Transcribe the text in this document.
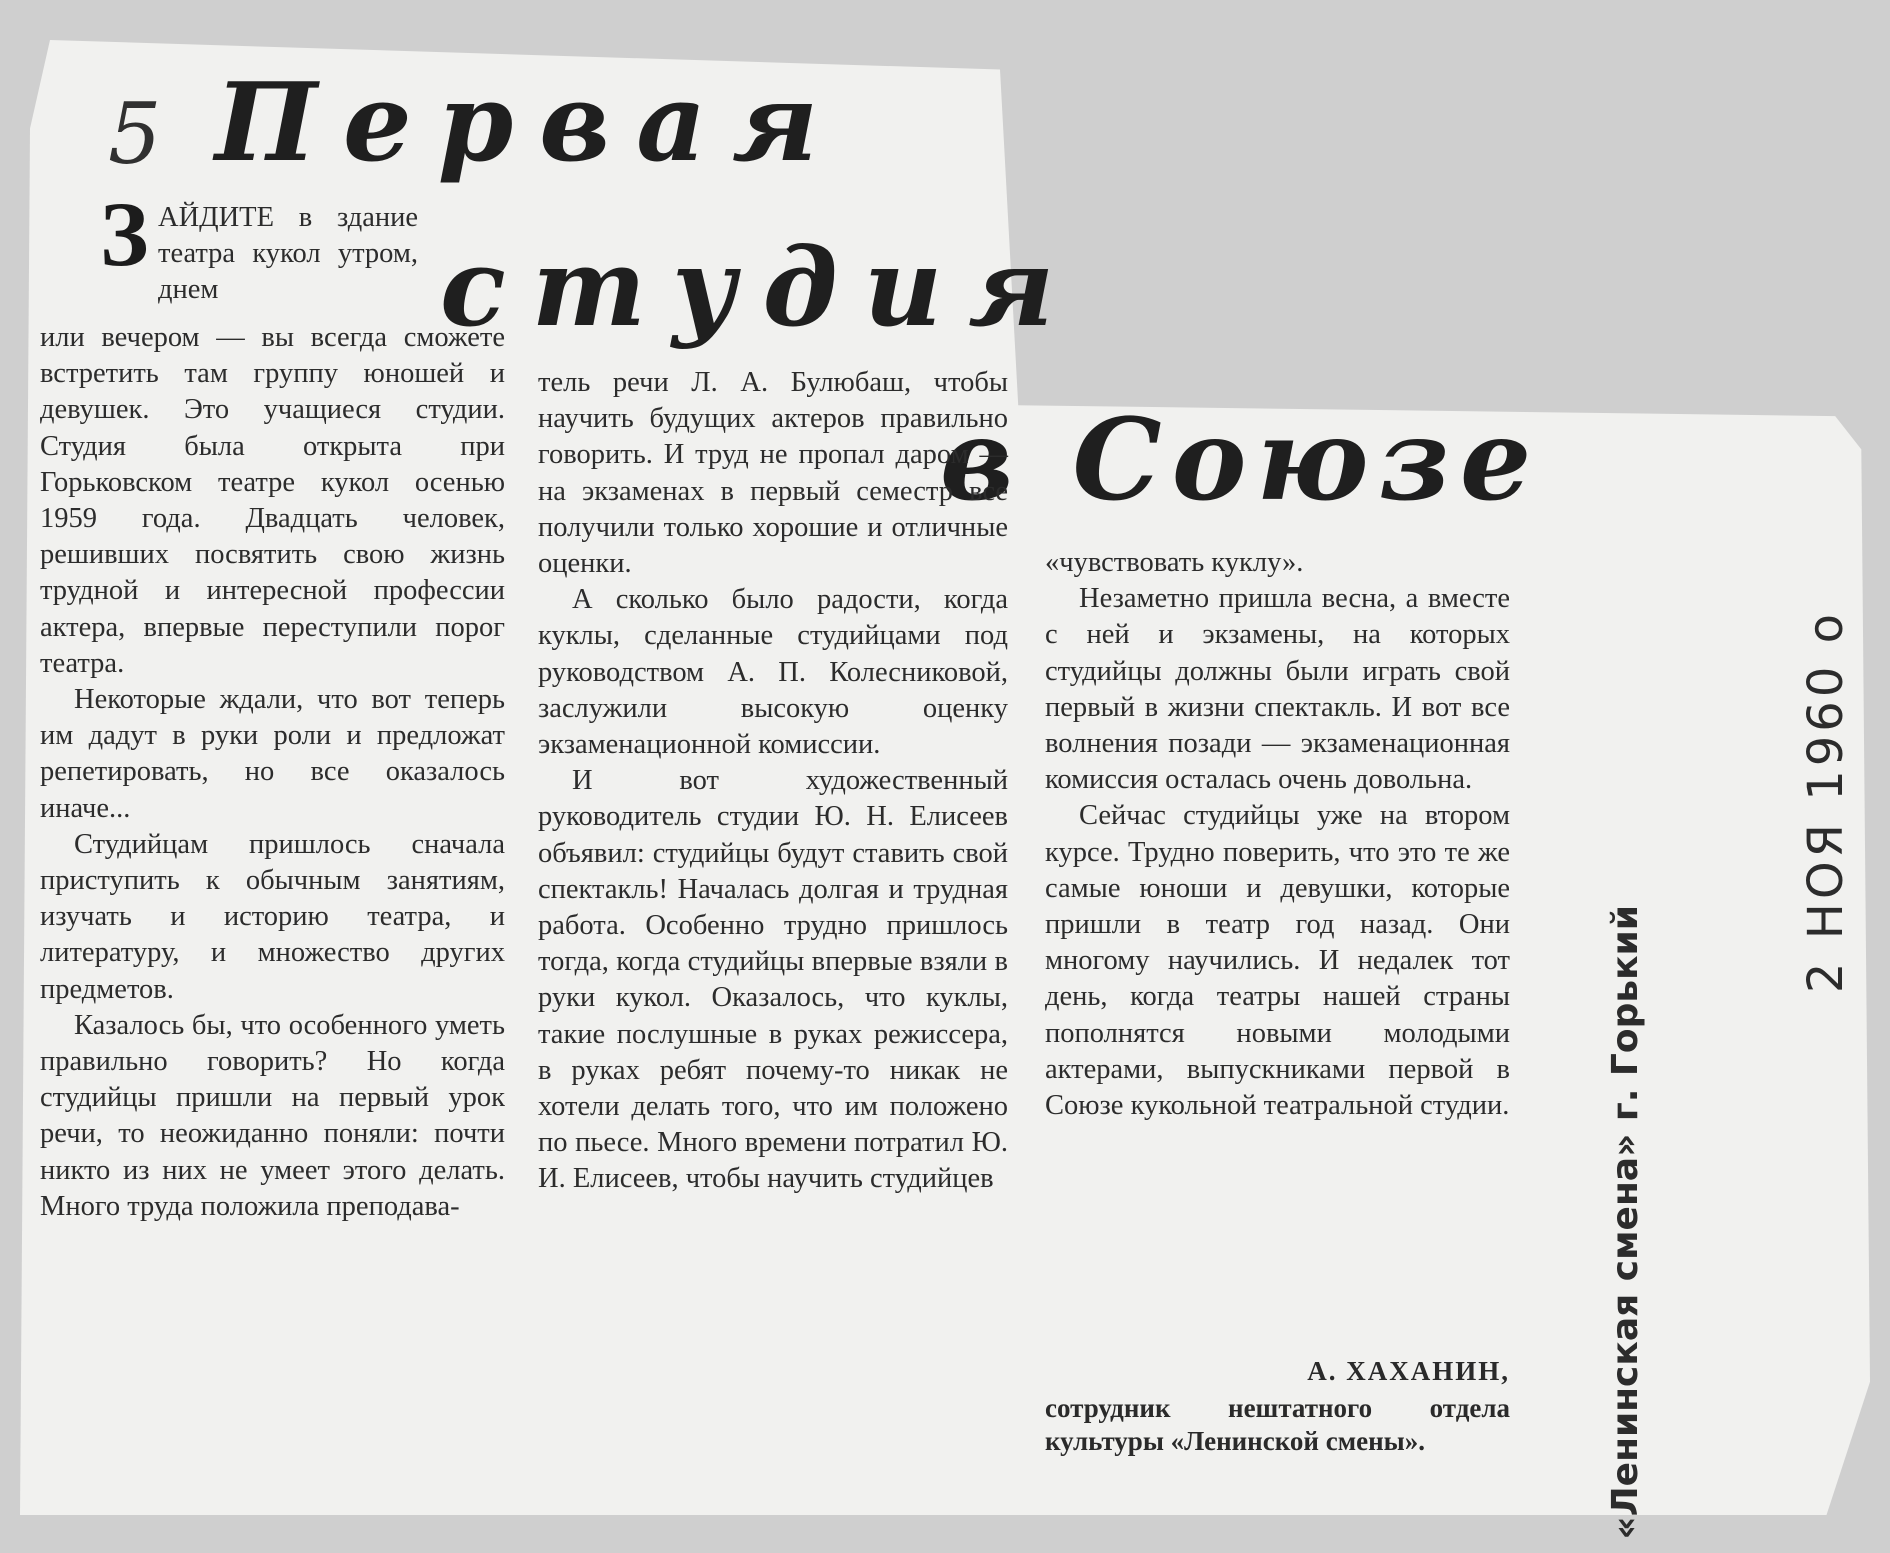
5 Первая
студия
в Союзе
З АЙДИТЕ в здание театра кукол утром, днем

или вечером — вы всегда сможете встретить там группу юношей и девушек. Это учащиеся студии. Студия была открыта при Горьковском театре кукол осенью 1959 года. Двадцать человек, решивших посвятить свою жизнь трудной и интересной профессии актера, впервые переступили порог театра.

Некоторые ждали, что вот теперь им дадут в руки роли и предложат репетировать, но все оказалось иначе...

Студийцам пришлось сначала приступить к обычным занятиям, изучать и историю театра, и литературу, и множество других предметов.

Казалось бы, что особенного уметь правильно говорить? Но когда студийцы пришли на первый урок речи, то неожиданно поняли: почти никто из них не умеет этого делать. Много труда положила преподава-

тель речи Л. А. Булюбаш, чтобы научить будущих актеров правильно говорить. И труд не пропал даром — на экзаменах в первый семестр все получили только хорошие и отличные оценки.

А сколько было радости, когда куклы, сделанные студийцами под руководством А. П. Колесниковой, заслужили высокую оценку экзаменационной комиссии.

И вот художественный руководитель студии Ю. Н. Елисеев объявил: студийцы будут ставить свой спектакль! Началась долгая и трудная работа. Особенно трудно пришлось тогда, когда студийцы впервые взяли в руки кукол. Оказалось, что куклы, такие послушные в руках режиссера, в руках ребят почему-то никак не хотели делать того, что им положено по пьесе. Много времени потратил Ю. И. Елисеев, чтобы научить студийцев

«чувствовать куклу».

Незаметно пришла весна, а вместе с ней и экзамены, на которых студийцы должны были играть свой первый в жизни спектакль. И вот все волнения позади — экзаменационная комиссия осталась очень довольна.

Сейчас студийцы уже на втором курсе. Трудно поверить, что это те же самые юноши и девушки, которые пришли в театр год назад. Они многому научились. И недалек тот день, когда театры нашей страны пополнятся новыми молодыми актерами, выпускниками первой в Союзе кукольной театральной студии.

А. ХАХАНИН,
сотрудник нештатного отдела культуры «Ленинской смены».	«Ленинская смена» г. Горький
2 НОЯ 1960 о
